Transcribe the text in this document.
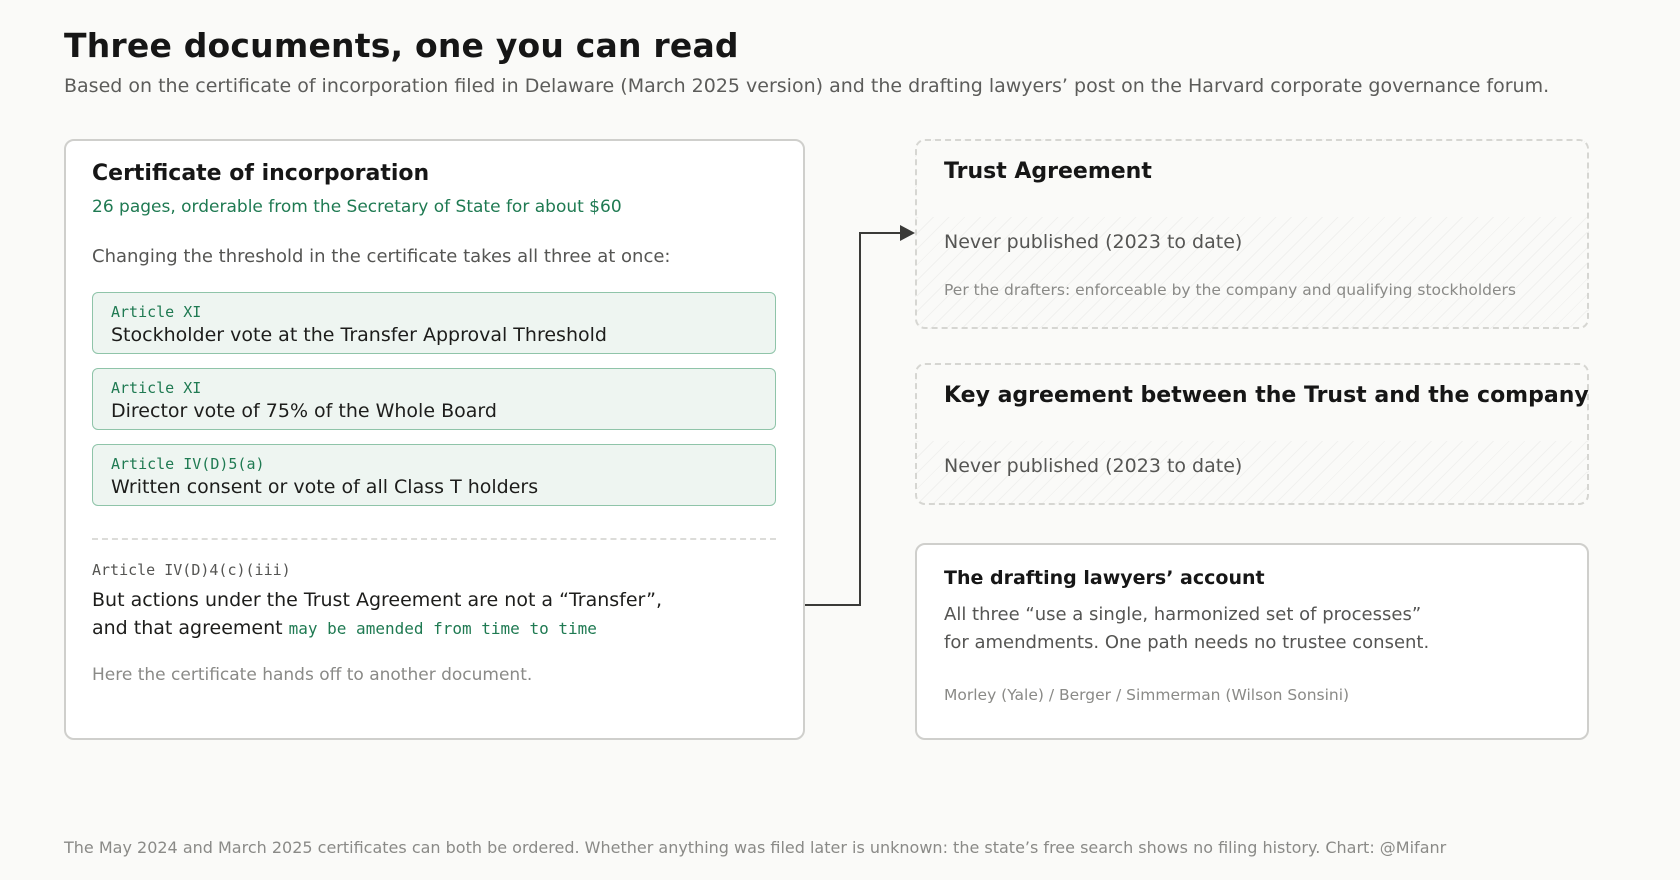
Three documents, one you can read
Based on the certificate of incorporation filed in Delaware (March 2025 version) and the drafting lawyers’ post on the Harvard corporate governance forum.
Certificate of incorporation
26 pages, orderable from the Secretary of State for about $60
Changing the threshold in the certificate takes all three at once:
Article XI
Stockholder vote at the Transfer Approval Threshold
Article XI
Director vote of 75% of the Whole Board
Article IV(D)5(a)
Written consent or vote of all Class T holders
Article IV(D)4(c)(iii)
But actions under the Trust Agreement are not a “Transfer”,
and that agreement may be amended from time to time
Here the certificate hands off to another document.
Trust Agreement
Never published (2023 to date)
Per the drafters: enforceable by the company and qualifying stockholders
Key agreement between the Trust and the company
Never published (2023 to date)
The drafting lawyers’ account
All three “use a single, harmonized set of processes”
for amendments. One path needs no trustee consent.
Morley (Yale) / Berger / Simmerman (Wilson Sonsini)
The May 2024 and March 2025 certificates can both be ordered. Whether anything was filed later is unknown: the state’s free search shows no filing history. Chart: @Mifanr
